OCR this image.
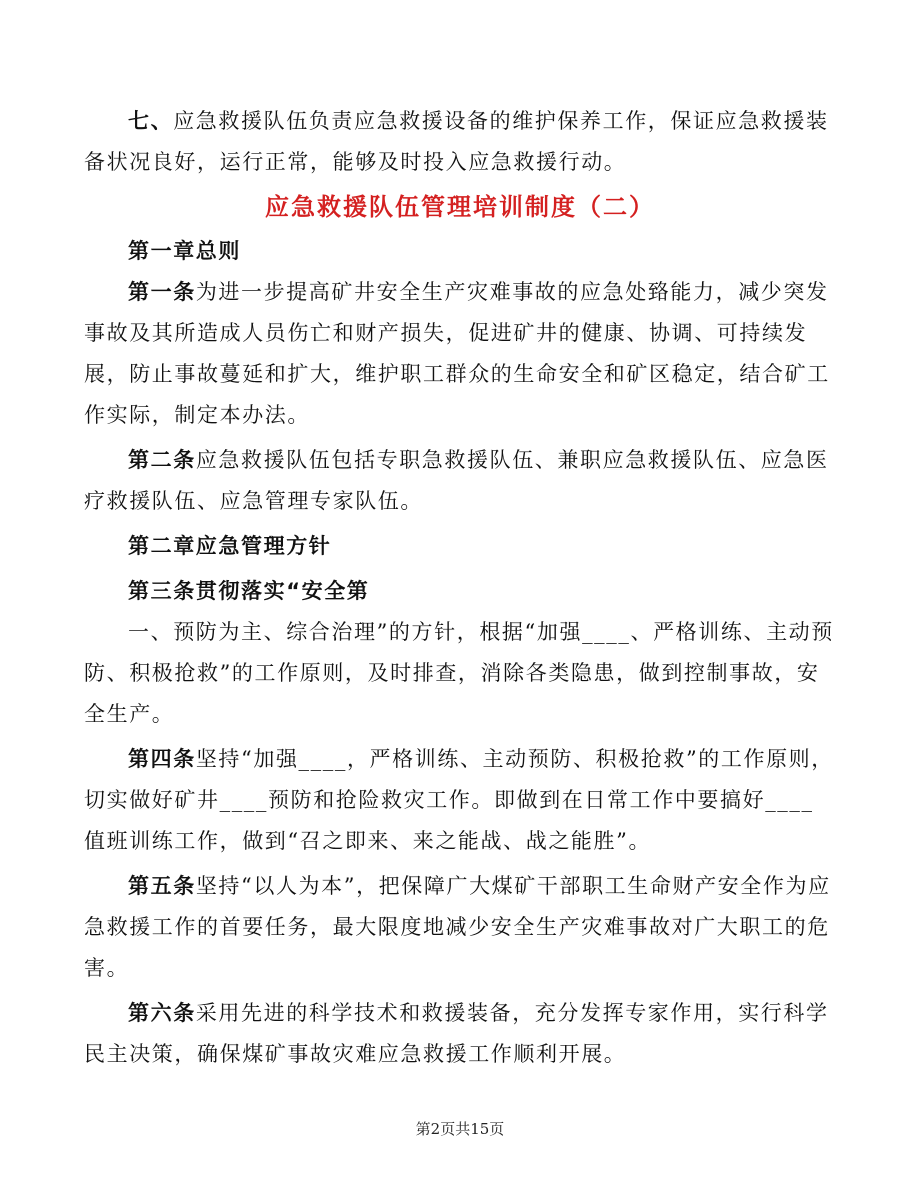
七、应急救援队伍负责应急救援设备的维护保养工作，保证应急救援装备状况良好，运行正常，能够及时投入应急救援行动。

应急救援队伍管理培训制度（二）

第一章总则

第一条为进一步提高矿井安全生产灾难事故的应急处臵能力，减少突发事故及其所造成人员伤亡和财产损失，促进矿井的健康、协调、可持续发展，防止事故蔓延和扩大，维护职工群众的生命安全和矿区稳定，结合矿工作实际，制定本办法。

第二条应急救援队伍包括专职急救援队伍、兼职应急救援队伍、应急医疗救援队伍、应急管理专家队伍。

第二章应急管理方针

第三条贯彻落实“安全第

一、预防为主、综合治理”的方针，根据“加强____、严格训练、主动预防、积极抢救”的工作原则，及时排查，消除各类隐患，做到控制事故，安全生产。

第四条坚持“加强____，严格训练、主动预防、积极抢救”的工作原则，切实做好矿井____预防和抢险救灾工作。即做到在日常工作中要搞好____值班训练工作，做到“召之即来、来之能战、战之能胜”。

第五条坚持“以人为本”，把保障广大煤矿干部职工生命财产安全作为应急救援工作的首要任务，最大限度地减少安全生产灾难事故对广大职工的危害。

第六条采用先进的科学技术和救援装备，充分发挥专家作用，实行科学民主决策，确保煤矿事故灾难应急救援工作顺利开展。

第2页共15页
